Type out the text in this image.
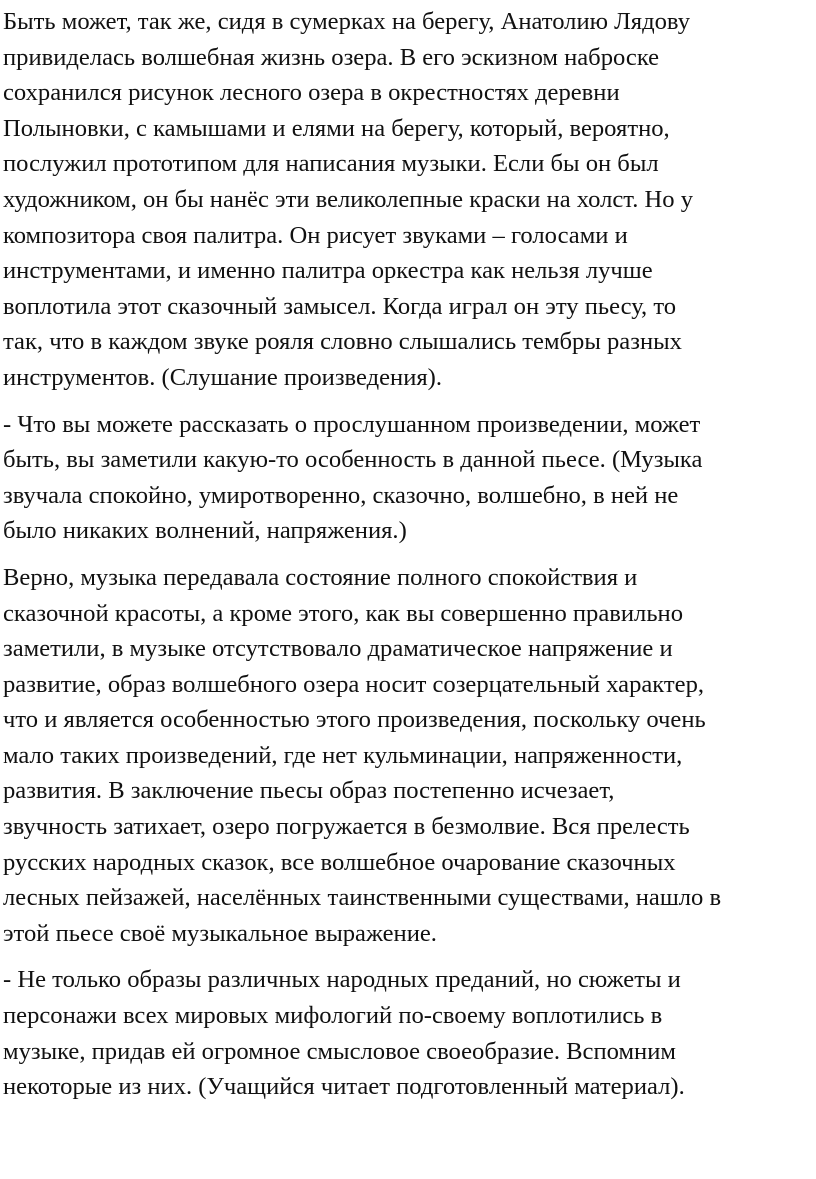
Быть может, так же, сидя в сумерках на берегу, Анатолию Лядову
привиделась волшебная жизнь озера. В его эскизном наброске
сохранился рисунок лесного озера в окрестностях деревни
Полыновки, с камышами и елями на берегу, который, вероятно,
послужил прототипом для написания музыки. Если бы он был
художником, он бы нанёс эти великолепные краски на холст. Но у
композитора своя палитра. Он рисует звуками – голосами и
инструментами, и именно палитра оркестра как нельзя лучше
воплотила этот сказочный замысел. Когда играл он эту пьесу, то
так, что в каждом звуке рояля словно слышались тембры разных
инструментов. (Слушание произведения).

- Что вы можете рассказать о прослушанном произведении, может
быть, вы заметили какую-то особенность в данной пьесе. (Музыка
звучала спокойно, умиротворенно, сказочно, волшебно, в ней не
было никаких волнений, напряжения.)

Верно, музыка передавала состояние полного спокойствия и
сказочной красоты, а кроме этого, как вы совершенно правильно
заметили, в музыке отсутствовало драматическое напряжение и
развитие, образ волшебного озера носит созерцательный характер,
что и является особенностью этого произведения, поскольку очень
мало таких произведений, где нет кульминации, напряженности,
развития. В заключение пьесы образ постепенно исчезает,
звучность затихает, озеро погружается в безмолвие. Вся прелесть
русских народных сказок, все волшебное очарование сказочных
лесных пейзажей, населённых таинственными существами, нашло в
этой пьесе своё музыкальное выражение.

- Не только образы различных народных преданий, но сюжеты и
персонажи всех мировых мифологий по-своему воплотились в
музыке, придав ей огромное смысловое своеобразие. Вспомним
некоторые из них. (Учащийся читает подготовленный материал).
